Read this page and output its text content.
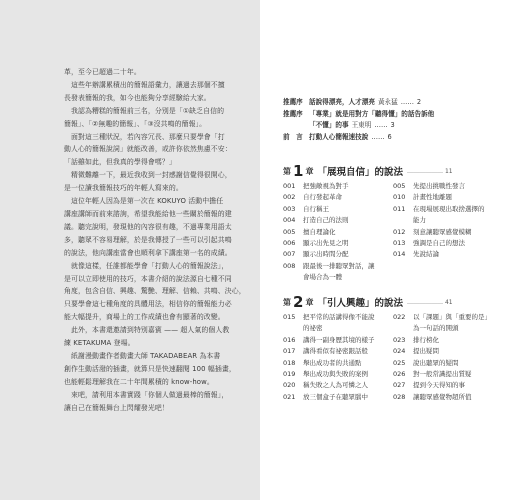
革，至今已超過二十年。
　這些年辦講累積出的簡報語彙力，讓過去那個不擅
長發表簡報的我，如今也能夠分享經驗給大家。
　我認為糟糕的簡報前三名，分別是「①缺乏自信的
簡報」、「②無趣的簡報」、「③沒共鳴的簡報」。
　面對這三種狀況，若內容冗長、那麼只要學會「打
動人心的簡報說詞」就能改善，或許你依然焦慮不安：
「話雖如此，但我真的學得會嗎？」
　精微難離一下，最近我收到一封感謝信覺得很開心，
是一位讀我簡報技巧的年輕人寫來的。
　這位年輕人因為是第一次在 KOKUYO 活動中擔任
講座講師而前來諮詢，希望我能給他一些關於簡報的建
議。聽完說明，發現他的內容很有趣，不過專業用語太
多，聽眾不容易理解，於是我傳授了一些可以引起共鳴
的說法，他向講座當會也順利拿下講座第一名的成績。
　就像這樣，任誰都能學會「打動人心的簡報說法」，
是可以立即使用的技巧，本書介紹的說法源自七種不同
角度，包含自信、興趣、驚艷、理解、信賴、共鳴、決心，
只要學會這七種角度的具體用法，相信你的簡報能力必
能大幅提升，商場上的工作成績也會有顯著的改變。
　此外，本書還邀請到特別嘉賓 —— 超人氣的個人教
練 KETAKUMA 登場。
　紙謝漫動畫作者動畫大師 TAKADABEAR 為本書
創作生動活潑的插畫，就算只是快速翻閱 100 幅插畫，
也能輕鬆理解我在二十年間累積的 know-how。
　來吧，請利用本書實踐「你個人做過最棒的簡報」，
讓自己在簡報舞台上閃耀發光吧！
推薦序 話說得漂亮，人才漂亮 黃永猛 …… 2
推薦序 「專業」就是用對方「聽得懂」的話告訴他
「不懂」的事 王東明 …… 3
前　言 打動人心簡報速技說 …… 6
第 1 章 「展現自信」的說法 ……………… 11
001	把強敵視為對手	005	先提出挑戰性發言
002	自行發起革命	010	計畫性地離題
003	自行稱王	011	在現場展現出取捨選擇的
004	打造自己的法則	能力
005	擅自理論化	012	刻意讓聽眾感覺模糊
006	顯示出先見之明	013	強調是自己的想法
007	顯示出時間分配	014	先說結論
008	跟最後一排聽眾對話，讓
會場合為一體
第 2 章 「引人興趣」的說法 ……………… 41
015	把平常的話講得像不能說	022	以「課題」與「重要的是」
的祕密	為一句話的開頭
016	講得一副身歷其境的樣子	023	排行榜化
017	講得看似有祕密跟話般	024	提出疑問
018	舉出成功者的共通點	025	說出聽眾的疑問
019	舉出成功與失敗的案例	026	對一般常識提出質疑
020	稱失敗之人為可憐之人	027	提到今天得知的事
021	放三個盒子在聽眾腦中	028	讓聽眾感覺物超所值
